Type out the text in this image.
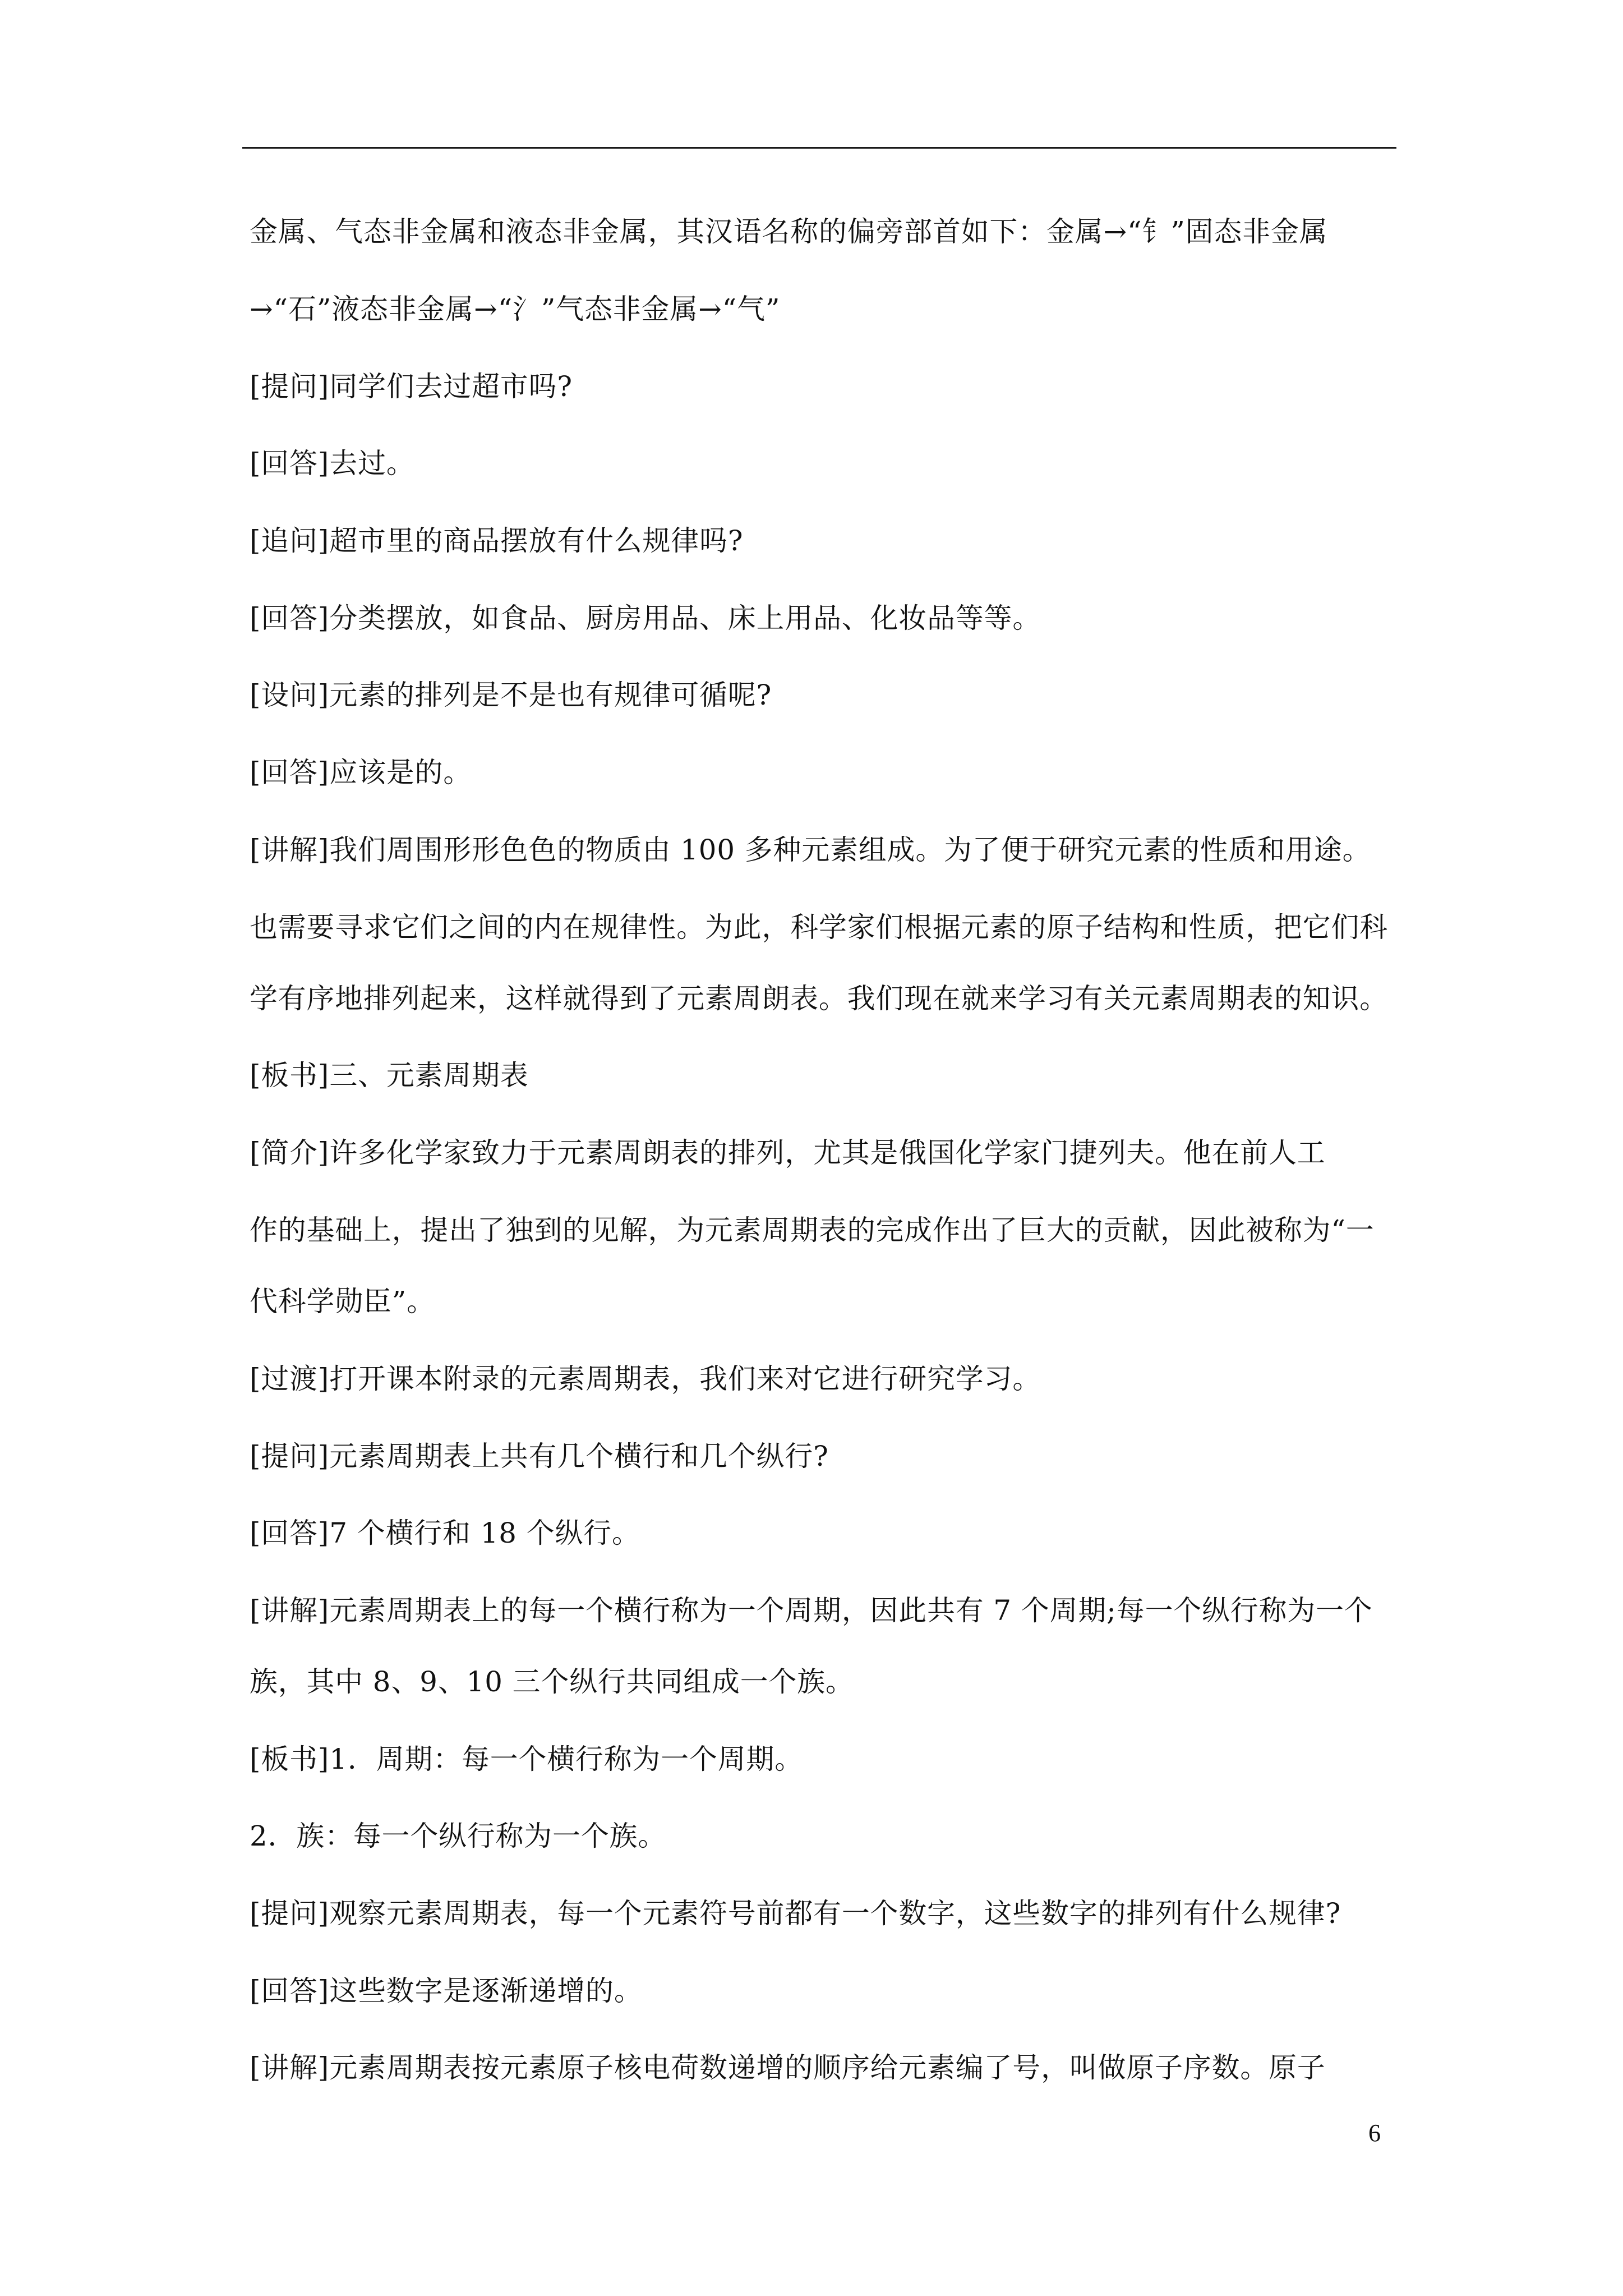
金属、气态非金属和液态非金属，其汉语名称的偏旁部首如下：金属→“钅”固态非金属
→“石”液态非金属→“氵”气态非金属→“气”
[提问]同学们去过超市吗?
[回答]去过。
[追问]超市里的商品摆放有什么规律吗?
[回答]分类摆放，如食品、厨房用品、床上用品、化妆品等等。
[设问]元素的排列是不是也有规律可循呢?
[回答]应该是的。
[讲解]我们周围形形色色的物质由 100 多种元素组成。为了便于研究元素的性质和用途。
也需要寻求它们之间的内在规律性。为此，科学家们根据元素的原子结构和性质，把它们科
学有序地排列起来，这样就得到了元素周朗表。我们现在就来学习有关元素周期表的知识。
[板书]三、元素周期表
[简介]许多化学家致力于元素周朗表的排列，尤其是俄国化学家门捷列夫。他在前人工
作的基础上，提出了独到的见解，为元素周期表的完成作出了巨大的贡献，因此被称为“一
代科学勋臣”。
[过渡]打开课本附录的元素周期表，我们来对它进行研究学习。
[提问]元素周期表上共有几个横行和几个纵行?
[回答]7 个横行和 18 个纵行。
[讲解]元素周期表上的每一个横行称为一个周期，因此共有 7 个周期;每一个纵行称为一个
族，其中 8、9、10 三个纵行共同组成一个族。
[板书]1．周期：每一个横行称为一个周期。
2．族：每一个纵行称为一个族。
[提问]观察元素周期表，每一个元素符号前都有一个数字，这些数字的排列有什么规律?
[回答]这些数字是逐渐递增的。
[讲解]元素周期表按元素原子核电荷数递增的顺序给元素编了号，叫做原子序数。原子
6
